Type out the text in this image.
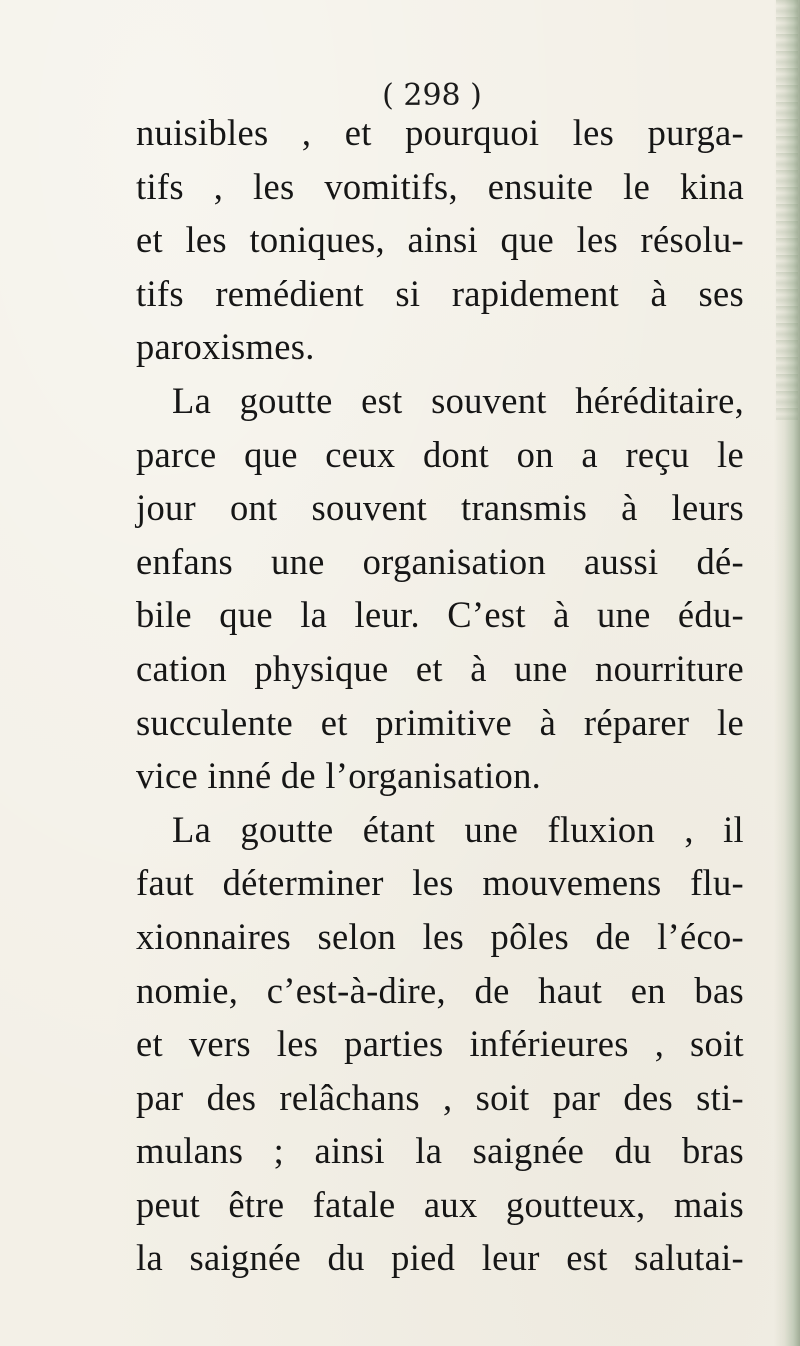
( 298 )
nuisibles , et pourquoi les purga-
tifs , les vomitifs, ensuite le kina
et les toniques, ainsi que les résolu-
tifs remédient si rapidement à ses
paroxismes.
La goutte est souvent héréditaire,
parce que ceux dont on a reçu le
jour ont souvent transmis à leurs
enfans une organisation aussi dé-
bile que la leur. C’est à une édu-
cation physique et à une nourriture
succulente et primitive à réparer le
vice inné de l’organisation.
La goutte étant une fluxion , il
faut déterminer les mouvemens flu-
xionnaires selon les pôles de l’éco-
nomie, c’est-à-dire, de haut en bas
et vers les parties inférieures , soit
par des relâchans , soit par des sti-
mulans ; ainsi la saignée du bras
peut être fatale aux goutteux, mais
la saignée du pied leur est salutai-
